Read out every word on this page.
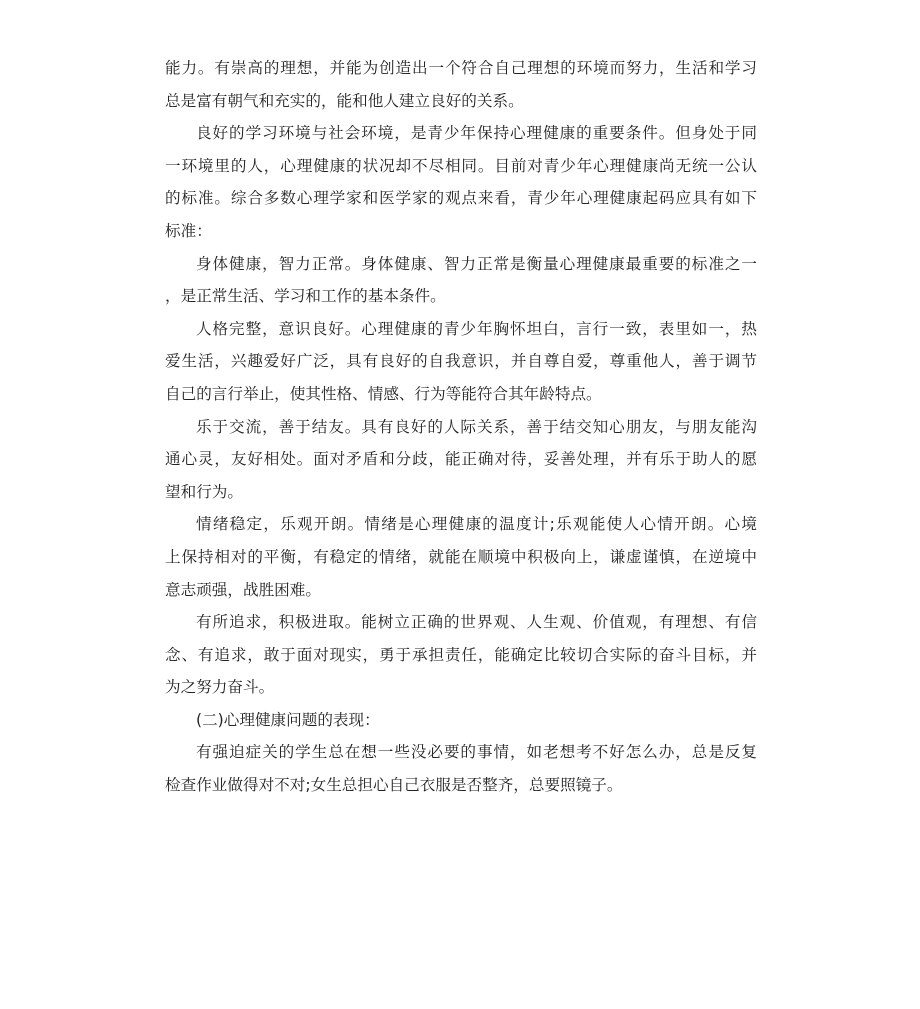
能力。有崇高的理想，并能为创造出一个符合自己理想的环境而努力，生活和学习
总是富有朝气和充实的，能和他人建立良好的关系。
良好的学习环境与社会环境，是青少年保持心理健康的重要条件。但身处于同
一环境里的人，心理健康的状况却不尽相同。目前对青少年心理健康尚无统一公认
的标准。综合多数心理学家和医学家的观点来看，青少年心理健康起码应具有如下
标准：
身体健康，智力正常。身体健康、智力正常是衡量心理健康最重要的标准之一
，是正常生活、学习和工作的基本条件。
人格完整，意识良好。心理健康的青少年胸怀坦白，言行一致，表里如一，热
爱生活，兴趣爱好广泛，具有良好的自我意识，并自尊自爱，尊重他人，善于调节
自己的言行举止，使其性格、情感、行为等能符合其年龄特点。
乐于交流，善于结友。具有良好的人际关系，善于结交知心朋友，与朋友能沟
通心灵，友好相处。面对矛盾和分歧，能正确对待，妥善处理，并有乐于助人的愿
望和行为。
情绪稳定，乐观开朗。情绪是心理健康的温度计;乐观能使人心情开朗。心境
上保持相对的平衡，有稳定的情绪，就能在顺境中积极向上，谦虚谨慎，在逆境中
意志顽强，战胜困难。
有所追求，积极进取。能树立正确的世界观、人生观、价值观，有理想、有信
念、有追求，敢于面对现实，勇于承担责任，能确定比较切合实际的奋斗目标，并
为之努力奋斗。
(二)心理健康问题的表现：
有强迫症关的学生总在想一些没必要的事情，如老想考不好怎么办，总是反复
检查作业做得对不对;女生总担心自己衣服是否整齐，总要照镜子。
